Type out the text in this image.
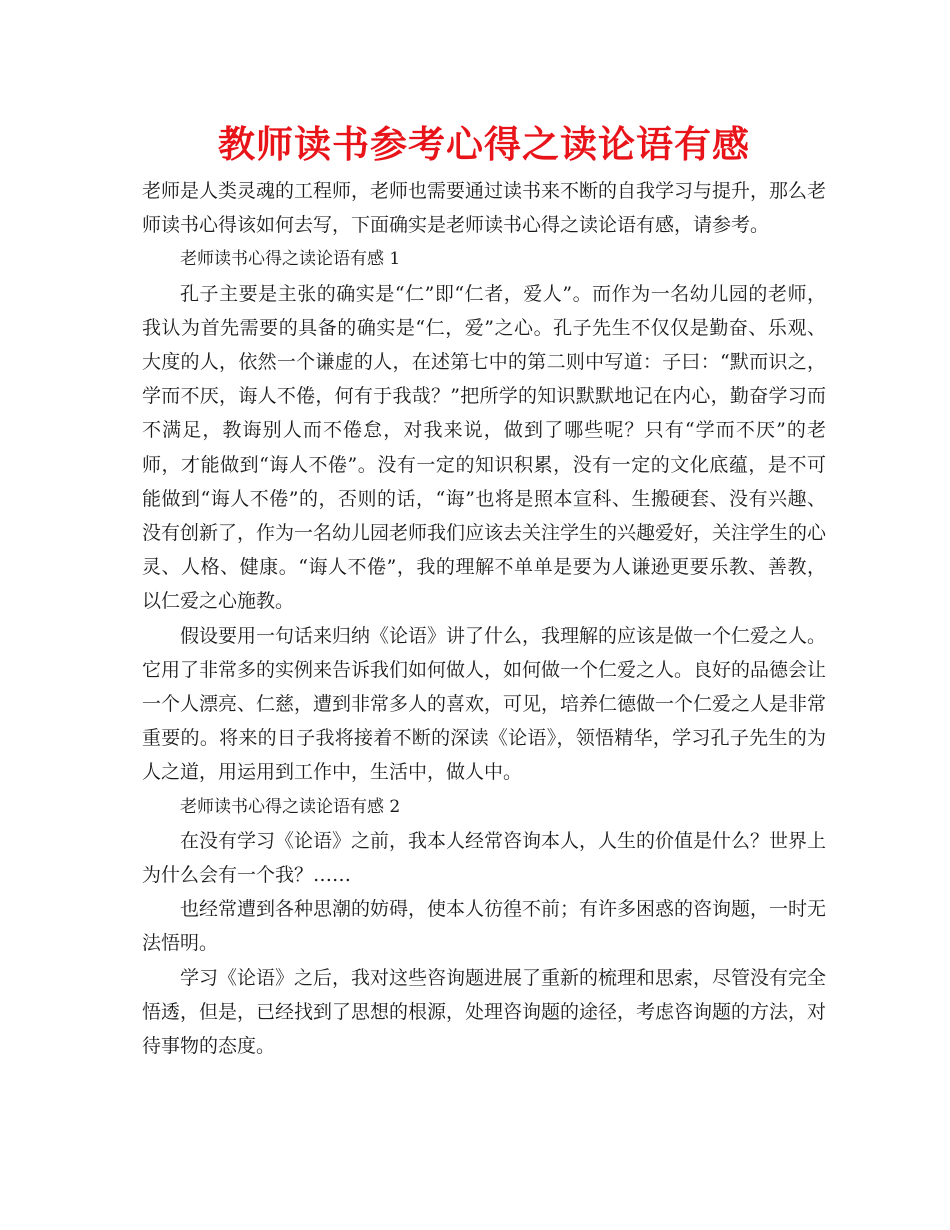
教师读书参考心得之读论语有感

老师是人类灵魂的工程师，老师也需要通过读书来不断的自我学习与提升，那么老师读书心得该如何去写，下面确实是老师读书心得之读论语有感，请参考。

老师读书心得之读论语有感 1

孔子主要是主张的确实是“仁”即“仁者，爱人”。而作为一名幼儿园的老师，我认为首先需要的具备的确实是“仁，爱”之心。孔子先生不仅仅是勤奋、乐观、大度的人，依然一个谦虚的人，在述第七中的第二则中写道：子曰：“默而识之，学而不厌，诲人不倦，何有于我哉？”把所学的知识默默地记在内心，勤奋学习而不满足，教诲别人而不倦怠，对我来说，做到了哪些呢？只有“学而不厌”的老师，才能做到“诲人不倦”。没有一定的知识积累，没有一定的文化底蕴，是不可能做到“诲人不倦”的，否则的话，“诲”也将是照本宣科、生搬硬套、没有兴趣、没有创新了，作为一名幼儿园老师我们应该去关注学生的兴趣爱好，关注学生的心灵、人格、健康。“诲人不倦”，我的理解不单单是要为人谦逊更要乐教、善教，以仁爱之心施教。

假设要用一句话来归纳《论语》讲了什么，我理解的应该是做一个仁爱之人。它用了非常多的实例来告诉我们如何做人，如何做一个仁爱之人。良好的品德会让一个人漂亮、仁慈，遭到非常多人的喜欢，可见，培养仁德做一个仁爱之人是非常重要的。将来的日子我将接着不断的深读《论语》，领悟精华，学习孔子先生的为人之道，用运用到工作中，生活中，做人中。

老师读书心得之读论语有感 2

在没有学习《论语》之前，我本人经常咨询本人，人生的价值是什么？世界上为什么会有一个我？……

也经常遭到各种思潮的妨碍，使本人彷徨不前；有许多困惑的咨询题，一时无法悟明。

学习《论语》之后，我对这些咨询题进展了重新的梳理和思索，尽管没有完全悟透，但是，已经找到了思想的根源，处理咨询题的途径，考虑咨询题的方法，对待事物的态度。
